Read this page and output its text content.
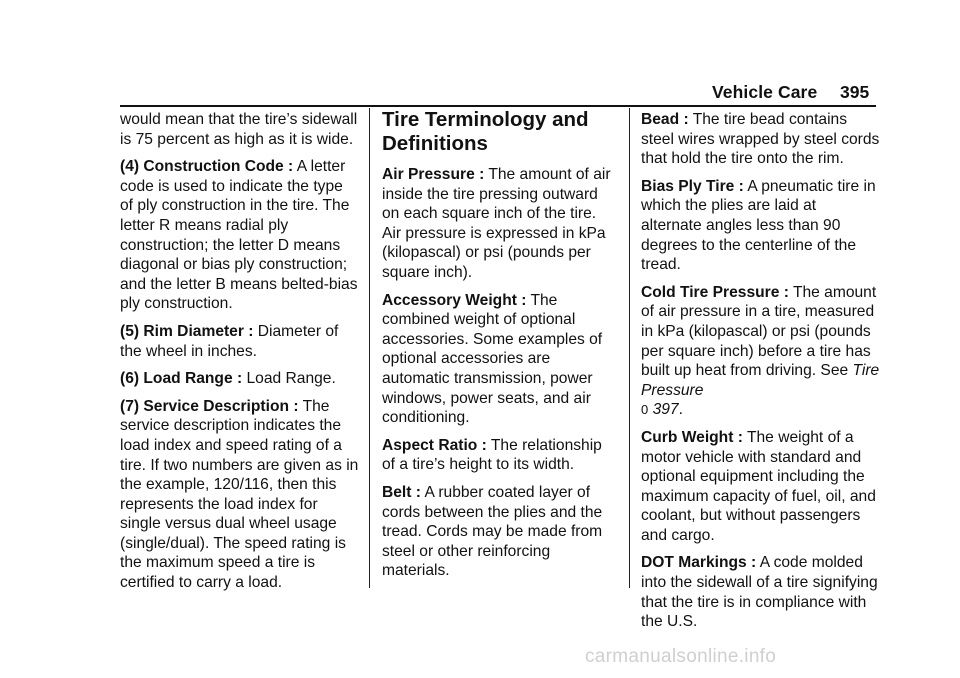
Vehicle Care 395

would mean that the tire’s sidewall is 75 percent as high as it is wide.

(4) Construction Code : A letter code is used to indicate the type of ply construction in the tire. The letter R means radial ply construction; the letter D means diagonal or bias ply construction; and the letter B means belted-bias ply construction.

(5) Rim Diameter : Diameter of the wheel in inches.

(6) Load Range : Load Range.

(7) Service Description : The service description indicates the load index and speed rating of a tire. If two numbers are given as in the example, 120/116, then this represents the load index for single versus dual wheel usage (single/dual). The speed rating is the maximum speed a tire is certified to carry a load.

Tire Terminology and Definitions

Air Pressure : The amount of air inside the tire pressing outward on each square inch of the tire. Air pressure is expressed in kPa (kilopascal) or psi (pounds per square inch).

Accessory Weight : The combined weight of optional accessories. Some examples of optional accessories are automatic transmission, power windows, power seats, and air conditioning.

Aspect Ratio : The relationship of a tire’s height to its width.

Belt : A rubber coated layer of cords between the plies and the tread. Cords may be made from steel or other reinforcing materials.

Bead : The tire bead contains steel wires wrapped by steel cords that hold the tire onto the rim.

Bias Ply Tire : A pneumatic tire in which the plies are laid at alternate angles less than 90 degrees to the centerline of the tread.

Cold Tire Pressure : The amount of air pressure in a tire, measured in kPa (kilopascal) or psi (pounds per square inch) before a tire has built up heat from driving. See Tire Pressure
0 397.

Curb Weight : The weight of a motor vehicle with standard and optional equipment including the maximum capacity of fuel, oil, and coolant, but without passengers and cargo.

DOT Markings : A code molded into the sidewall of a tire signifying that the tire is in compliance with the U.S.

carmanualsonline.info
